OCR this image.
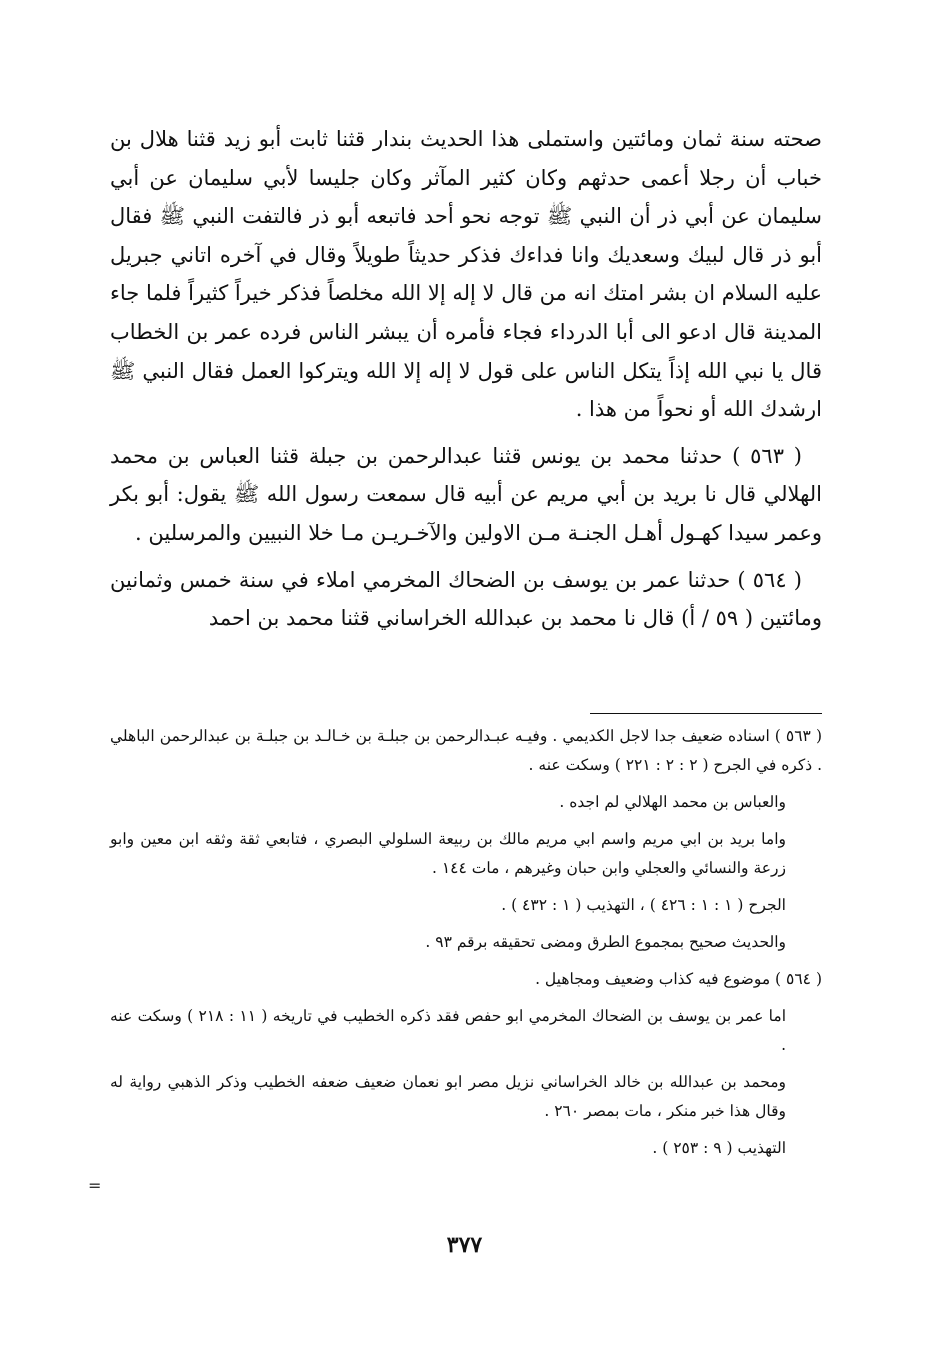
صحته سنة ثمان ومائتين واستملى هذا الحديث بندار قثنا ثابت أبو زيد قثنا هلال بن خباب أن رجلا أعمى حدثهم وكان كثير المآثر وكان جليسا لأبي سليمان عن أبي سليمان عن أبي ذر أن النبي ﷺ توجه نحو أحد فاتبعه أبو ذر فالتفت النبي ﷺ فقال أبو ذر قال لبيك وسعديك وانا فداءك فذكر حديثاً طويلاً وقال في آخره اتاني جبريل عليه السلام ان بشر امتك انه من قال لا إله إلا الله مخلصاً فذكر خيراً كثيراً فلما جاء المدينة قال ادعو الى أبا الدرداء فجاء فأمره أن يبشر الناس فرده عمر بن الخطاب قال يا نبي الله إذاً يتكل الناس على قول لا إله إلا الله ويتركوا العمل فقال النبي ﷺ ارشدك الله أو نحواً من هذا .

( ٥٦٣ ) حدثنا محمد بن يونس قثنا عبدالرحمن بن جبلة قثنا العباس بن محمد الهلالي قال نا بريد بن أبي مريم عن أبيه قال سمعت رسول الله ﷺ يقول: أبو بكر وعمر سيدا كهـول أهـل الجنـة مـن الاولين والآخـريـن مـا خلا النبيين والمرسلين .

( ٥٦٤ ) حدثنا عمر بن يوسف بن الضحاك المخرمي املاء في سنة خمس وثمانين ومائتين ( ٥٩ / أ) قال نا محمد بن عبدالله الخراساني قثنا محمد بن احمد

( ٥٦٣ ) اسناده ضعيف جدا لاجل الكديمي . وفيـه عبـدالرحمن بن جبلـة بن خـالـد بن جبلـة بن عبدالرحمن الباهلي . ذكره في الجرح ( ٢ : ٢ : ٢٢١ ) وسكت عنه .

والعباس بن محمد الهلالي لم اجده .

واما بريد بن ابي مريم واسم ابي مريم مالك بن ربيعة السلولي البصري ، فتابعي ثقة وثقه ابن معين وابو زرعة والنسائي والعجلي وابن حبان وغيرهم ، مات ١٤٤ .

الجرح ( ١ : ١ : ٤٢٦ ) ، التهذيب ( ١ : ٤٣٢ ) .

والحديث صحيح بمجموع الطرق ومضى تحقيقه برقم ٩٣ .

( ٥٦٤ ) موضوع فيه كذاب وضعيف ومجاهيل .

اما عمر بن يوسف بن الضحاك المخرمي ابو حفص فقد ذكره الخطيب في تاريخه ( ١١ : ٢١٨ ) وسكت عنه .

ومحمد بن عبدالله بن خالد الخراساني نزيل مصر ابو نعمان ضعيف ضعفه الخطيب وذكر الذهبي رواية له وقال هذا خبر منكر ، مات بمصر ٢٦٠ .

التهذيب ( ٩ : ٢٥٣ ) .

=
٣٧٧
